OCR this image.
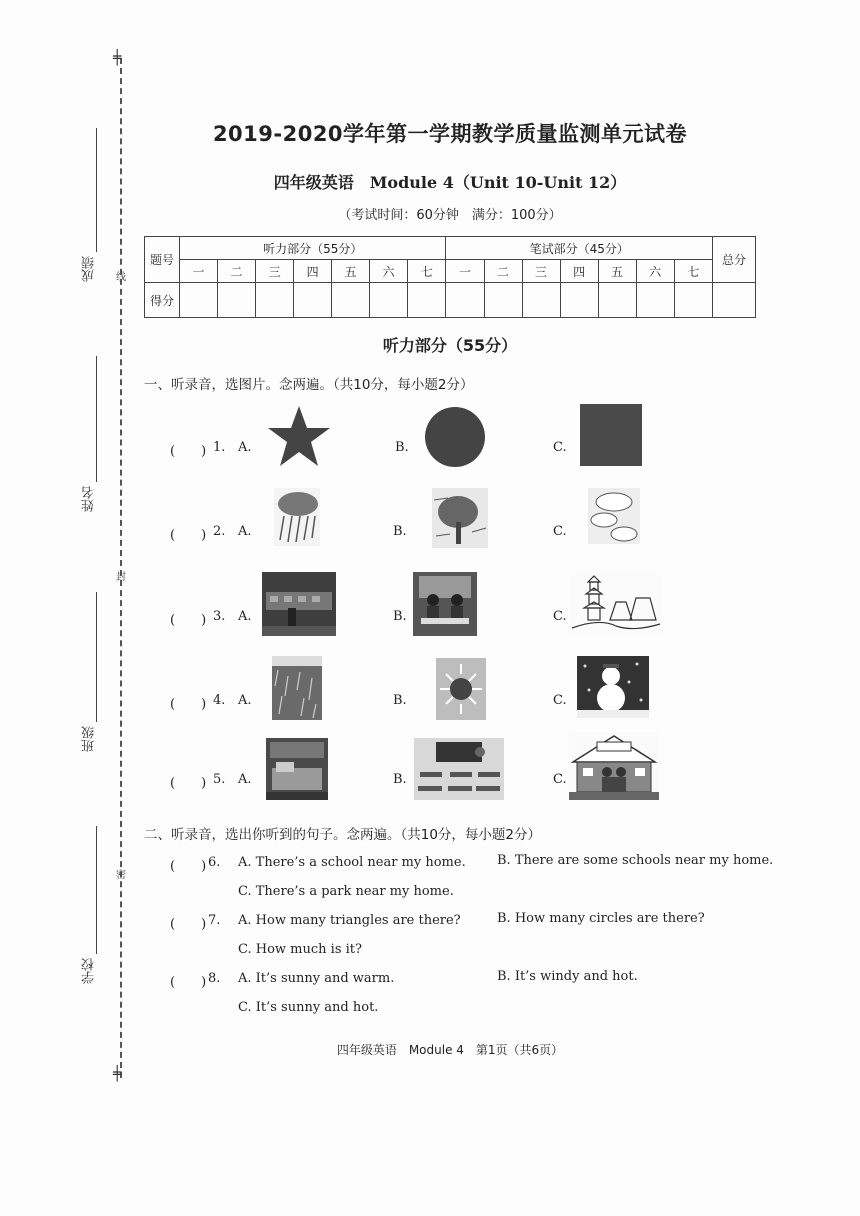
╪
╪
线
封
密
成绩
姓名
班级
学校
2019-2020学年第一学期教学质量监测单元试卷
四年级英语　Module 4（Unit 10-Unit 12）
（考试时间：60分钟　满分：100分）
题号	听力部分（55分）							笔试部分（45分）							总分
	一	二	三	四	五	六	七	一	二	三	四	五	六	七	
得分															
听力部分（55分）
一、听录音，选图片。念两遍。（共10分，每小题2分）
(　　) 1. A.	B.	C.
(　　) 2. A.	B.	C.
(　　) 3. A.	B.	C.
(　　) 4. A.	B.	C.
(　　) 5. A.	B.	C.
二、听录音，选出你听到的句子。念两遍。（共10分，每小题2分）
(　　) 6. A. There’s a school near my home. B. There are some schools near my home.
C. There’s a park near my home.
(　　) 7. A. How many triangles are there?	B. How many circles are there?
C. How much is it?
(　　) 8. A. It’s sunny and warm.	B. It’s windy and hot.
C. It’s sunny and hot.
四年级英语　Module 4　第1页（共6页）
